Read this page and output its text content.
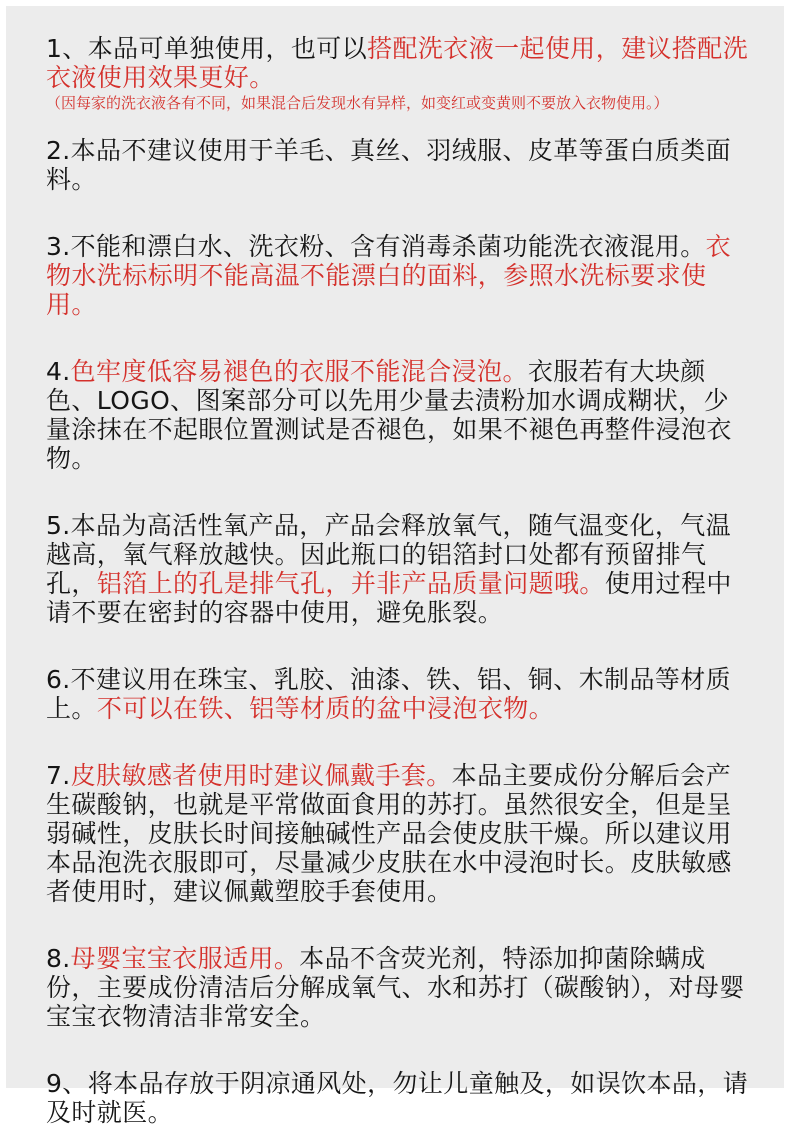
1、本品可单独使用，也可以搭配洗衣液一起使用，建议搭配洗衣液使用效果更好。
（因每家的洗衣液各有不同，如果混合后发现水有异样，如变红或变黄则不要放入衣物使用。）
2.本品不建议使用于羊毛、真丝、羽绒服、皮革等蛋白质类面料。
3.不能和漂白水、洗衣粉、含有消毒杀菌功能洗衣液混用。衣物水洗标标明不能高温不能漂白的面料，参照水洗标要求使用。
4.色牢度低容易褪色的衣服不能混合浸泡。衣服若有大块颜色、LOGO、图案部分可以先用少量去渍粉加水调成糊状，少量涂抹在不起眼位置测试是否褪色，如果不褪色再整件浸泡衣物。
5.本品为高活性氧产品，产品会释放氧气，随气温变化，气温越高，氧气释放越快。因此瓶口的铝箔封口处都有预留排气孔，铝箔上的孔是排气孔，并非产品质量问题哦。使用过程中请不要在密封的容器中使用，避免胀裂。
6.不建议用在珠宝、乳胶、油漆、铁、铝、铜、木制品等材质上。不可以在铁、铝等材质的盆中浸泡衣物。
7.皮肤敏感者使用时建议佩戴手套。本品主要成份分解后会产生碳酸钠，也就是平常做面食用的苏打。虽然很安全，但是呈弱碱性，皮肤长时间接触碱性产品会使皮肤干燥。所以建议用本品泡洗衣服即可，尽量减少皮肤在水中浸泡时长。皮肤敏感者使用时，建议佩戴塑胶手套使用。
8.母婴宝宝衣服适用。本品不含荧光剂，特添加抑菌除螨成份，主要成份清洁后分解成氧气、水和苏打（碳酸钠），对母婴宝宝衣物清洁非常安全。
9、将本品存放于阴凉通风处，勿让儿童触及，如误饮本品，请及时就医。
